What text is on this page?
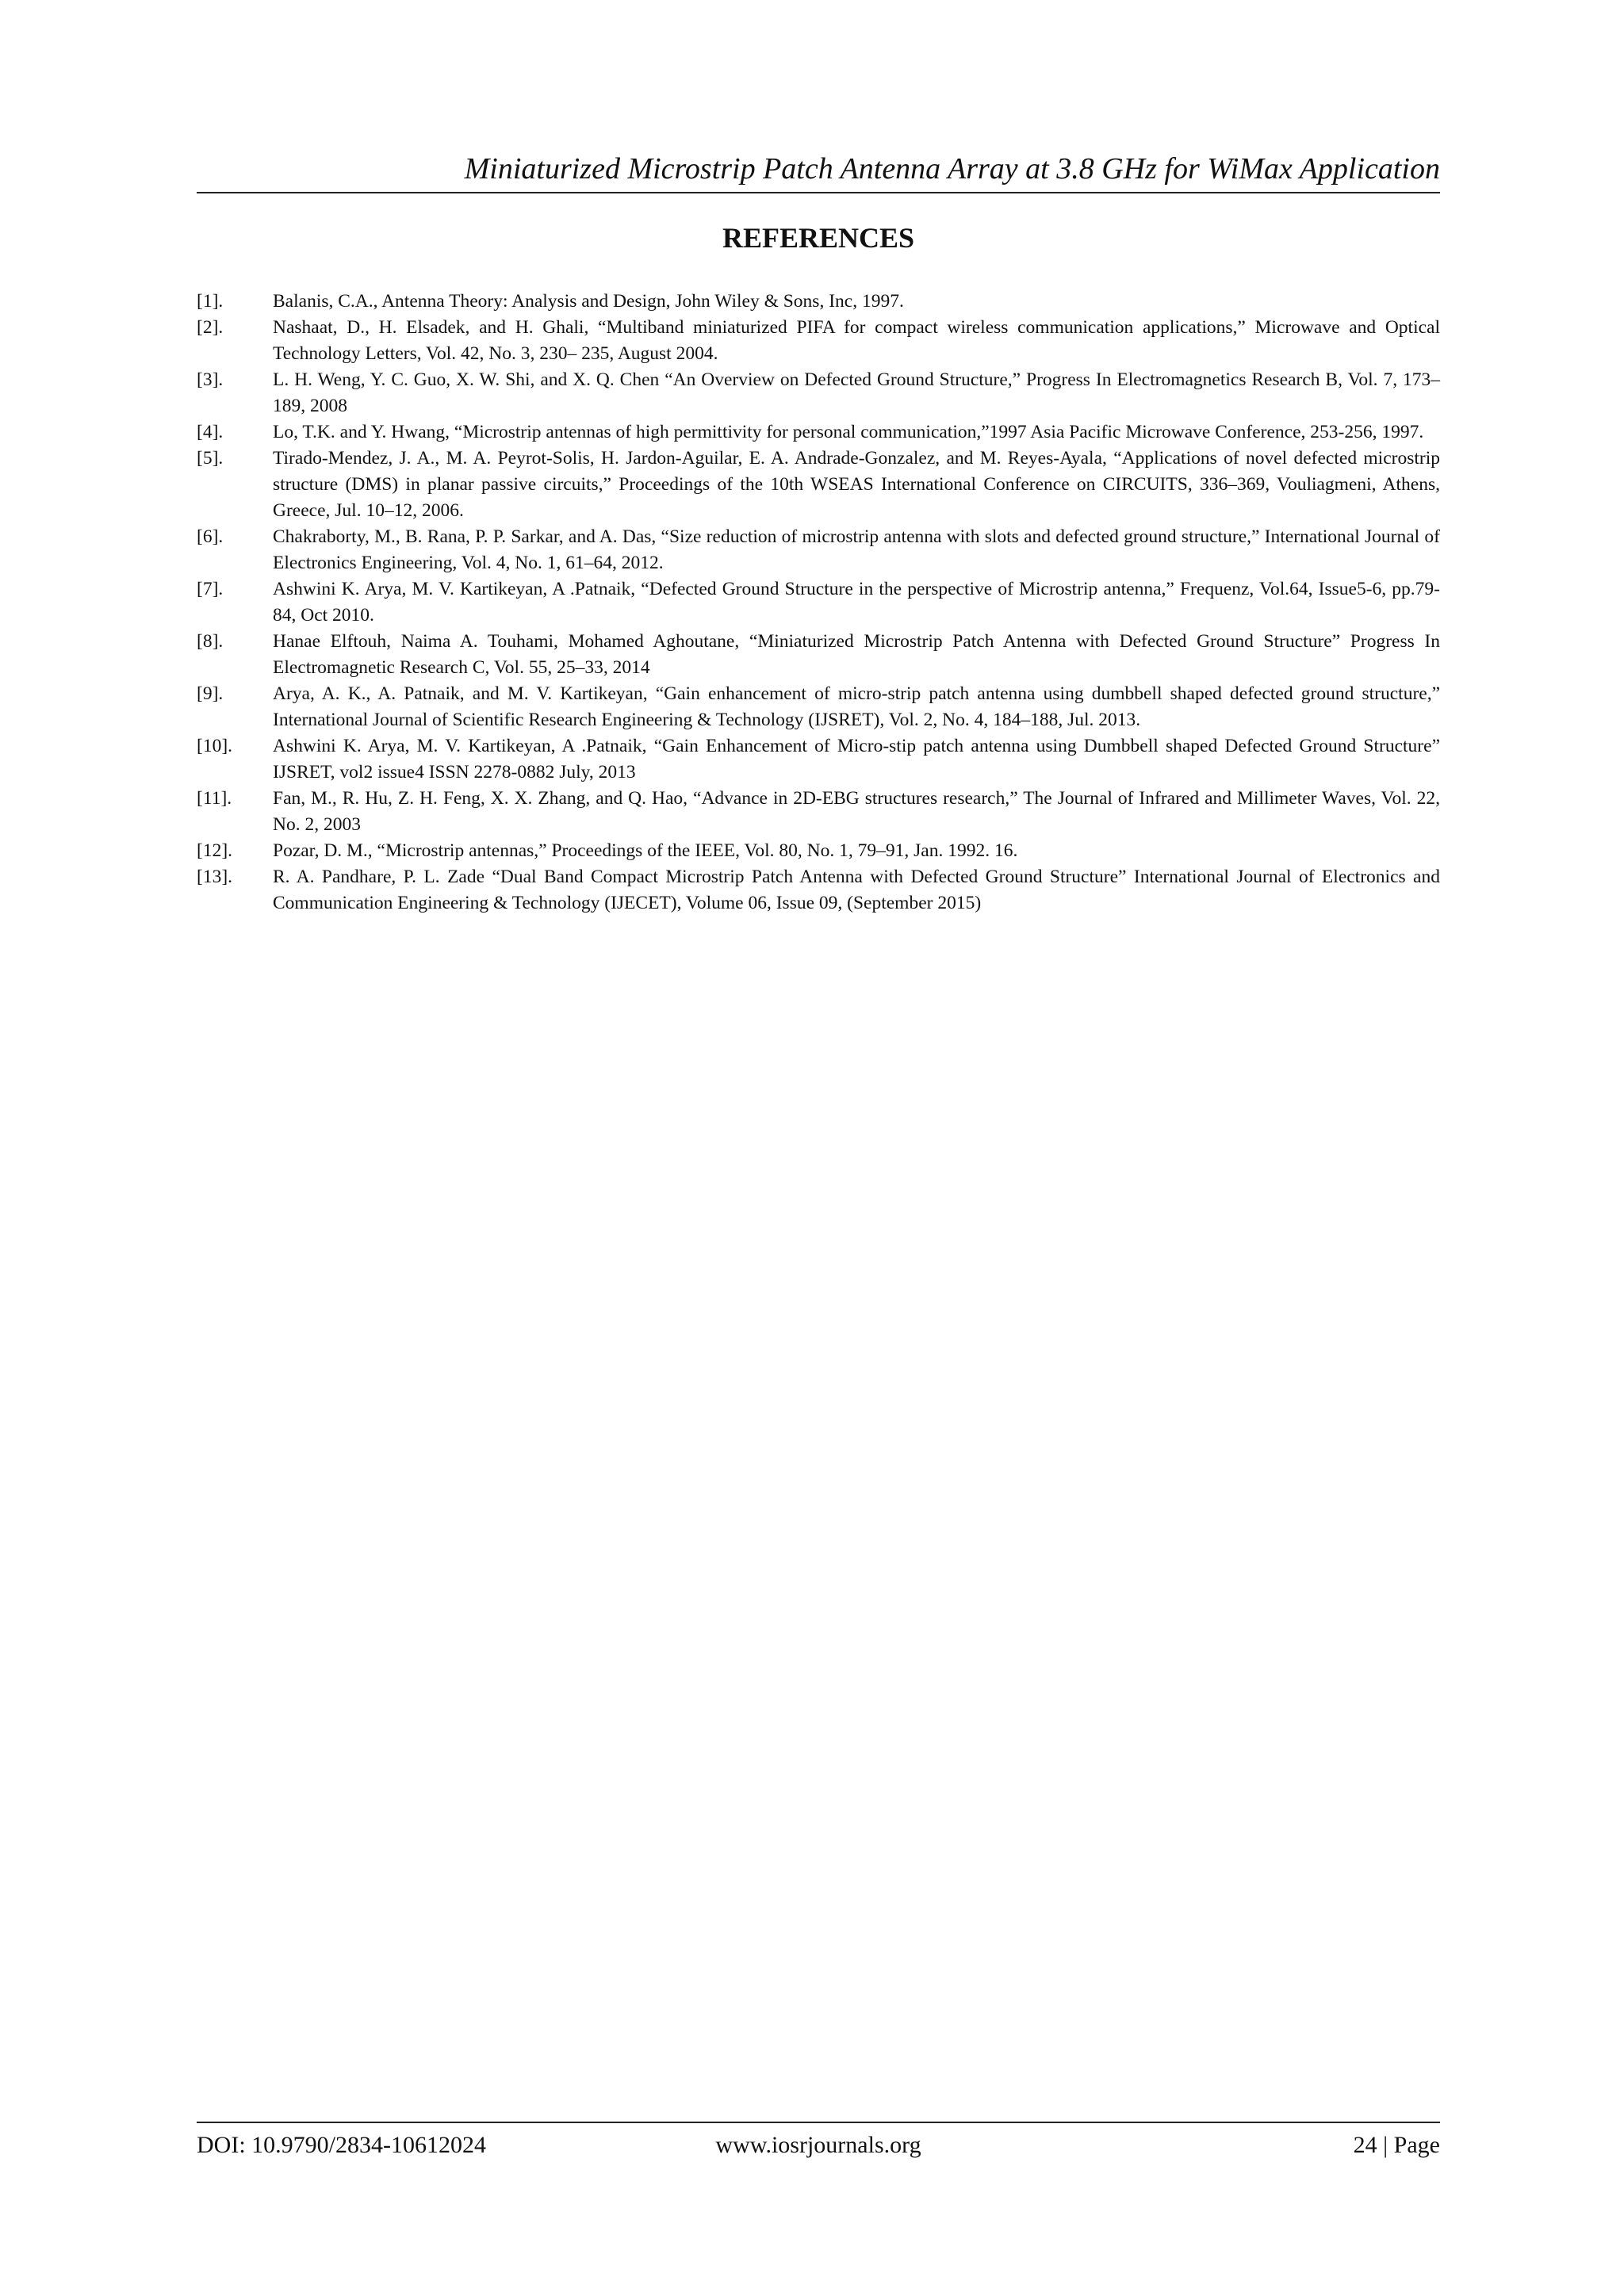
Miniaturized Microstrip Patch Antenna Array at 3.8 GHz for WiMax Application
REFERENCES
[1].	Balanis, C.A., Antenna Theory: Analysis and Design, John Wiley & Sons, Inc, 1997.
[2].	Nashaat, D., H. Elsadek, and H. Ghali, “Multiband miniaturized PIFA for compact wireless communication applications,” Microwave and Optical Technology Letters, Vol. 42, No. 3, 230– 235, August 2004.
[3].	L. H. Weng, Y. C. Guo, X. W. Shi, and X. Q. Chen “An Overview on Defected Ground Structure,” Progress In Electromagnetics Research B, Vol. 7, 173–189, 2008
[4].	Lo, T.K. and Y. Hwang, “Microstrip antennas of high permittivity for personal communication,”1997 Asia Pacific Microwave Conference, 253-256, 1997.
[5].	Tirado-Mendez, J. A., M. A. Peyrot-Solis, H. Jardon-Aguilar, E. A. Andrade-Gonzalez, and M. Reyes-Ayala, “Applications of novel defected microstrip structure (DMS) in planar passive circuits,” Proceedings of the 10th WSEAS International Conference on CIRCUITS, 336–369, Vouliagmeni, Athens, Greece, Jul. 10–12, 2006.
[6].	Chakraborty, M., B. Rana, P. P. Sarkar, and A. Das, “Size reduction of microstrip antenna with slots and defected ground structure,” International Journal of Electronics Engineering, Vol. 4, No. 1, 61–64, 2012.
[7].	Ashwini K. Arya, M. V. Kartikeyan, A .Patnaik, “Defected Ground Structure in the perspective of Microstrip antenna,” Frequenz, Vol.64, Issue5-6, pp.79-84, Oct 2010.
[8].	Hanae Elftouh, Naima A. Touhami, Mohamed Aghoutane, “Miniaturized Microstrip Patch Antenna with Defected Ground Structure” Progress In Electromagnetic Research C, Vol. 55, 25–33, 2014
[9].	Arya, A. K., A. Patnaik, and M. V. Kartikeyan, “Gain enhancement of micro-strip patch antenna using dumbbell shaped defected ground structure,” International Journal of Scientific Research Engineering & Technology (IJSRET), Vol. 2, No. 4, 184–188, Jul. 2013.
[10].	Ashwini K. Arya, M. V. Kartikeyan, A .Patnaik, “Gain Enhancement of Micro-stip patch antenna using Dumbbell shaped Defected Ground Structure” IJSRET, vol2 issue4 ISSN 2278-0882 July, 2013
[11].	Fan, M., R. Hu, Z. H. Feng, X. X. Zhang, and Q. Hao, “Advance in 2D-EBG structures research,” The Journal of Infrared and Millimeter Waves, Vol. 22, No. 2, 2003
[12].	Pozar, D. M., “Microstrip antennas,” Proceedings of the IEEE, Vol. 80, No. 1, 79–91, Jan. 1992. 16.
[13].	R. A. Pandhare, P. L. Zade “Dual Band Compact Microstrip Patch Antenna with Defected Ground Structure” International Journal of Electronics and Communication Engineering & Technology (IJECET), Volume 06, Issue 09, (September 2015)
DOI: 10.9790/2834-10612024	www.iosrjournals.org	24 | Page
